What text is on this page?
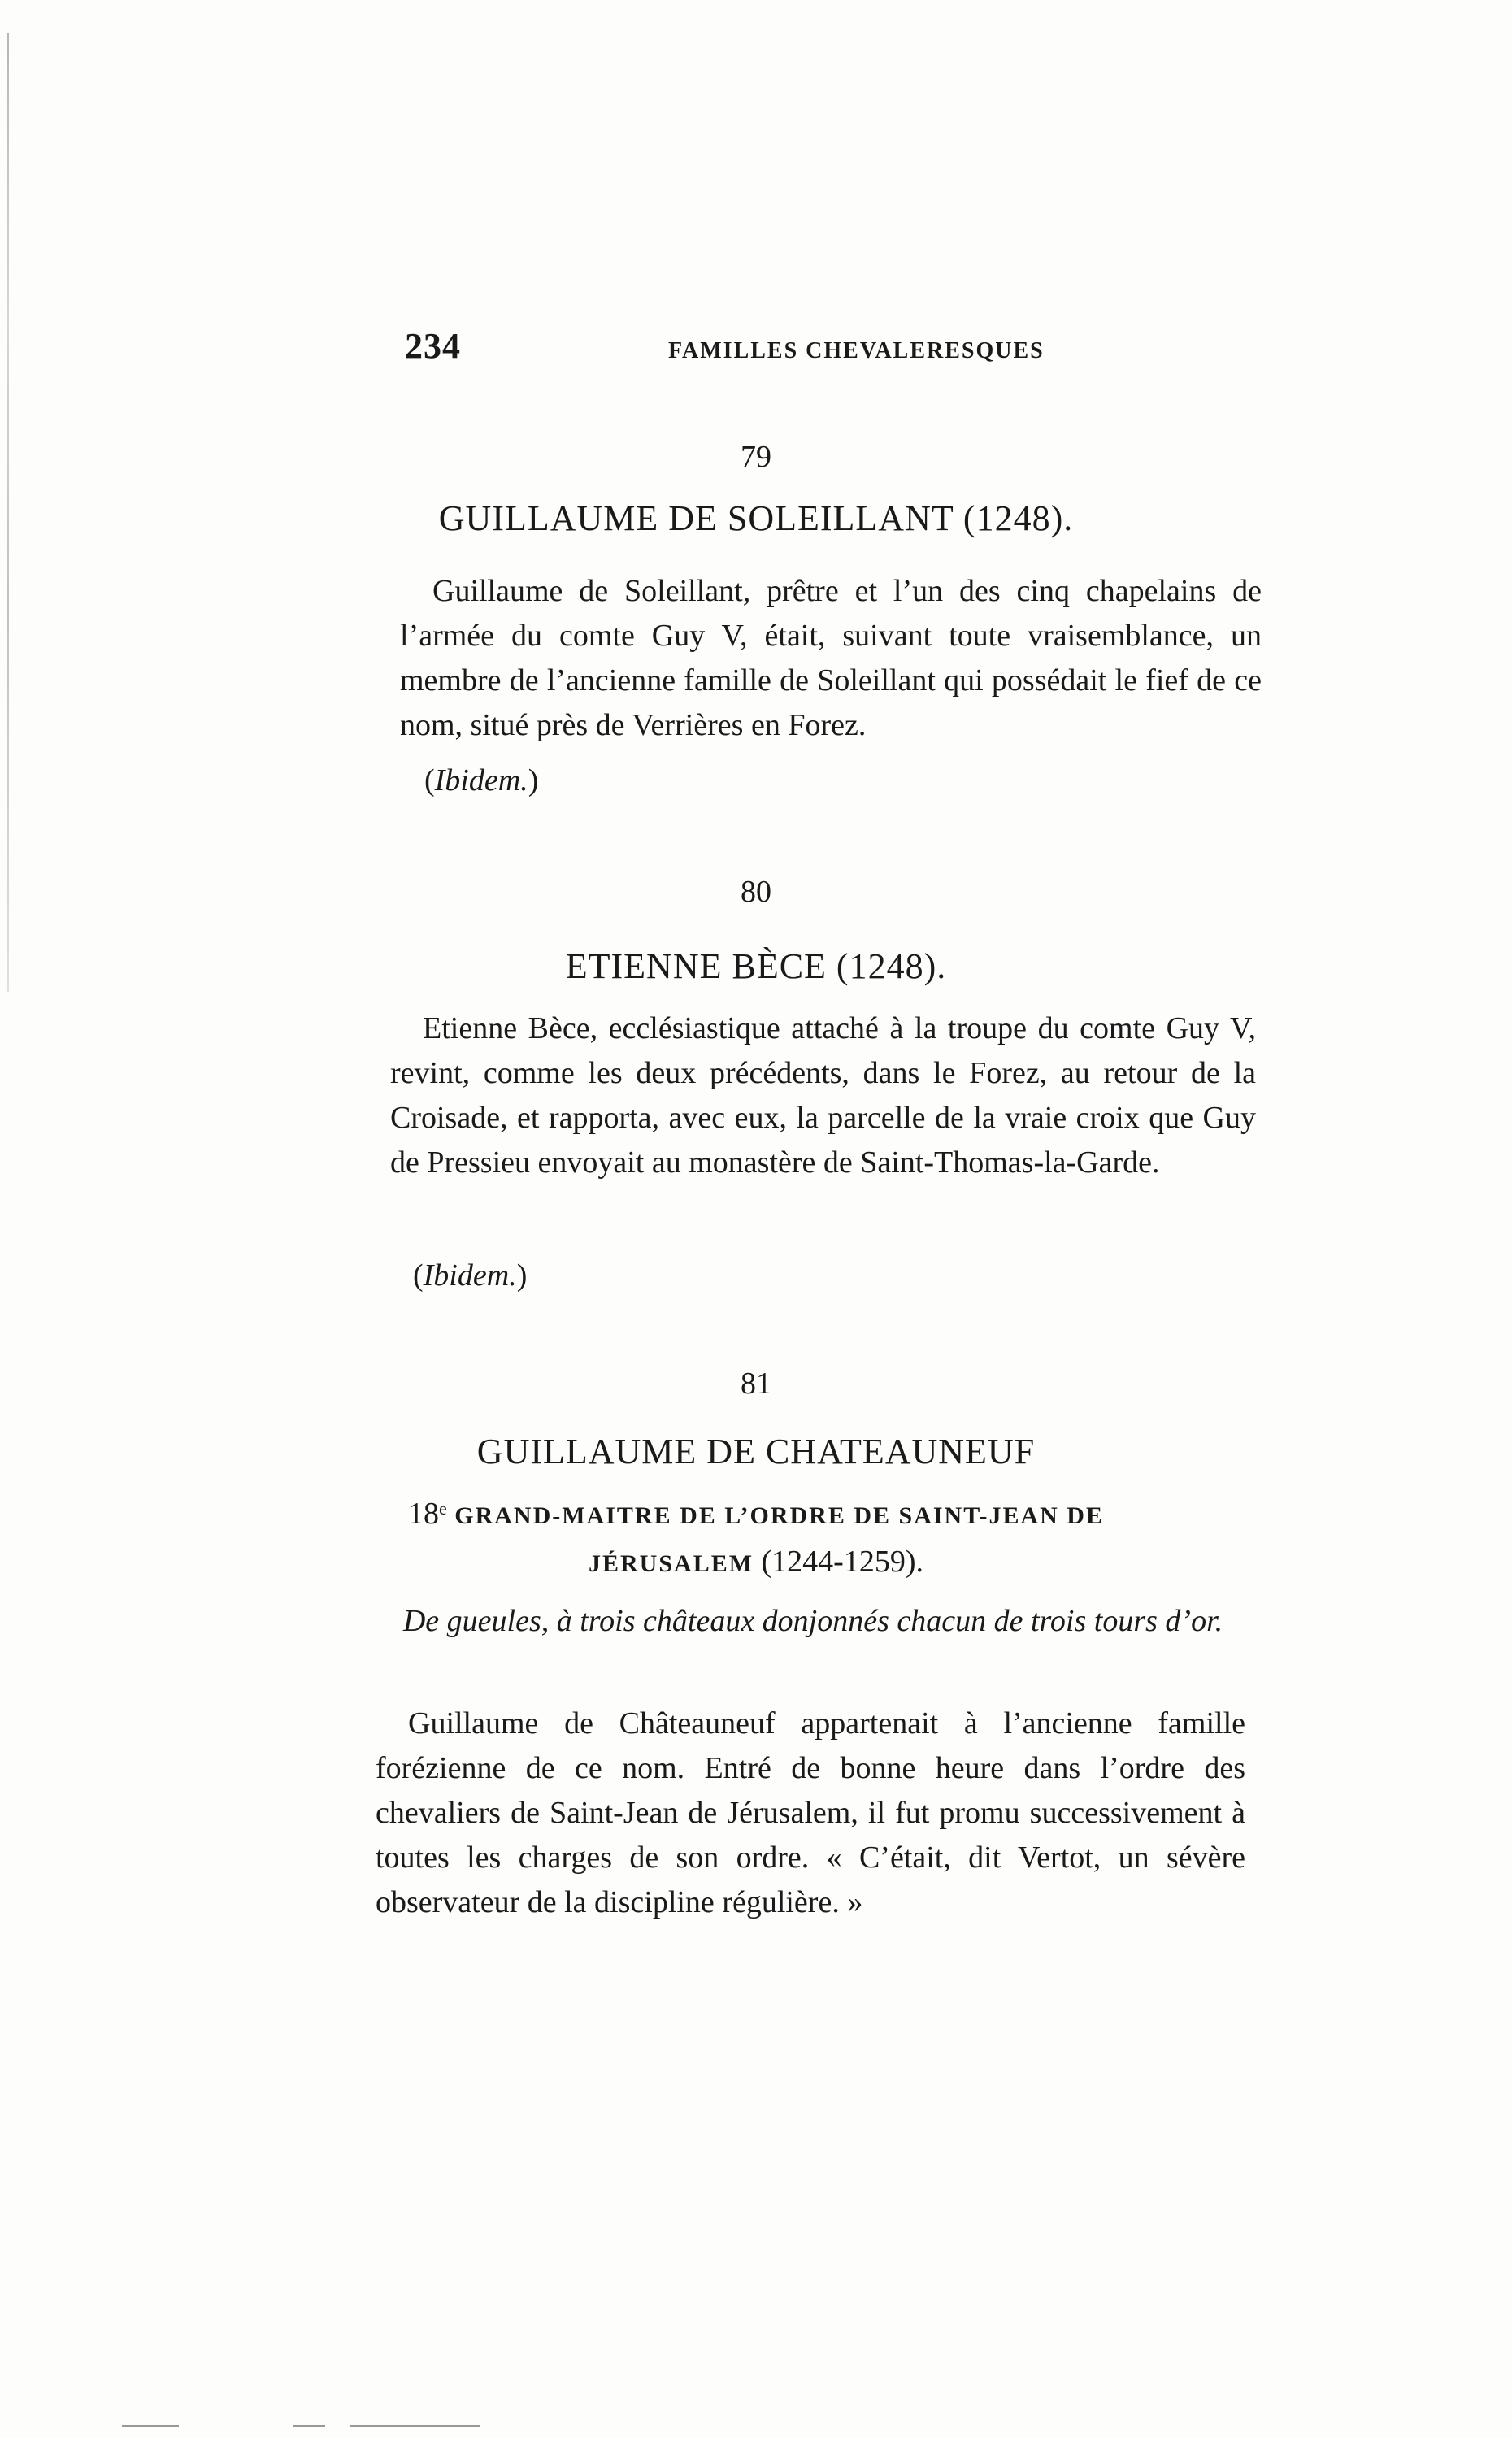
234	FAMILLES CHEVALERESQUES
79
GUILLAUME DE SOLEILLANT (1248).

Guillaume de Soleillant, prêtre et l’un des cinq chapelains de l’armée du comte Guy V, était, suivant toute vraisemblance, un membre de l’ancienne famille de Soleillant qui possédait le fief de ce nom, situé près de Verrières en Forez.

(Ibidem.)
80
ETIENNE BÈCE (1248).

Etienne Bèce, ecclésiastique attaché à la troupe du comte Guy V, revint, comme les deux précédents, dans le Forez, au retour de la Croisade, et rapporta, avec eux, la parcelle de la vraie croix que Guy de Pressieu envoyait au monastère de Saint-Thomas-la-Garde.

(Ibidem.)
81
GUILLAUME DE CHATEAUNEUF
18e GRAND-MAITRE DE L’ORDRE DE SAINT-JEAN DE
JÉRUSALEM (1244-1259).
De gueules, à trois châteaux donjonnés chacun de trois tours d’or.

Guillaume de Châteauneuf appartenait à l’ancienne famille forézienne de ce nom. Entré de bonne heure dans l’ordre des chevaliers de Saint-Jean de Jérusalem, il fut promu successivement à toutes les charges de son ordre. « C’était, dit Vertot, un sévère observateur de la discipline régulière. »
